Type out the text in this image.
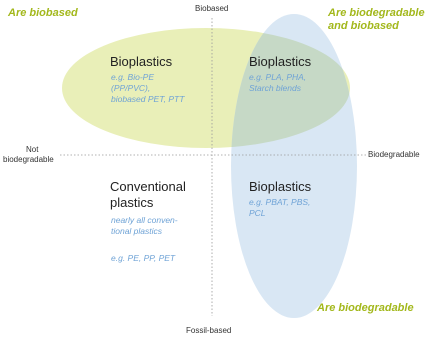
Are biobased	Are biodegradable
and biobased
Are biodegradable
Biobased
Fossil-based
Not
biodegradable
Biodegradable
Bioplastics
e.g. Bio-PE
(PP/PVC),
biobased PET, PTT
Bioplastics
e.g. PLA, PHA,
Starch blends
Conventional
plastics
nearly all conven-
tional plastics
e.g. PE, PP, PET
Bioplastics
e.g. PBAT, PBS,
PCL
